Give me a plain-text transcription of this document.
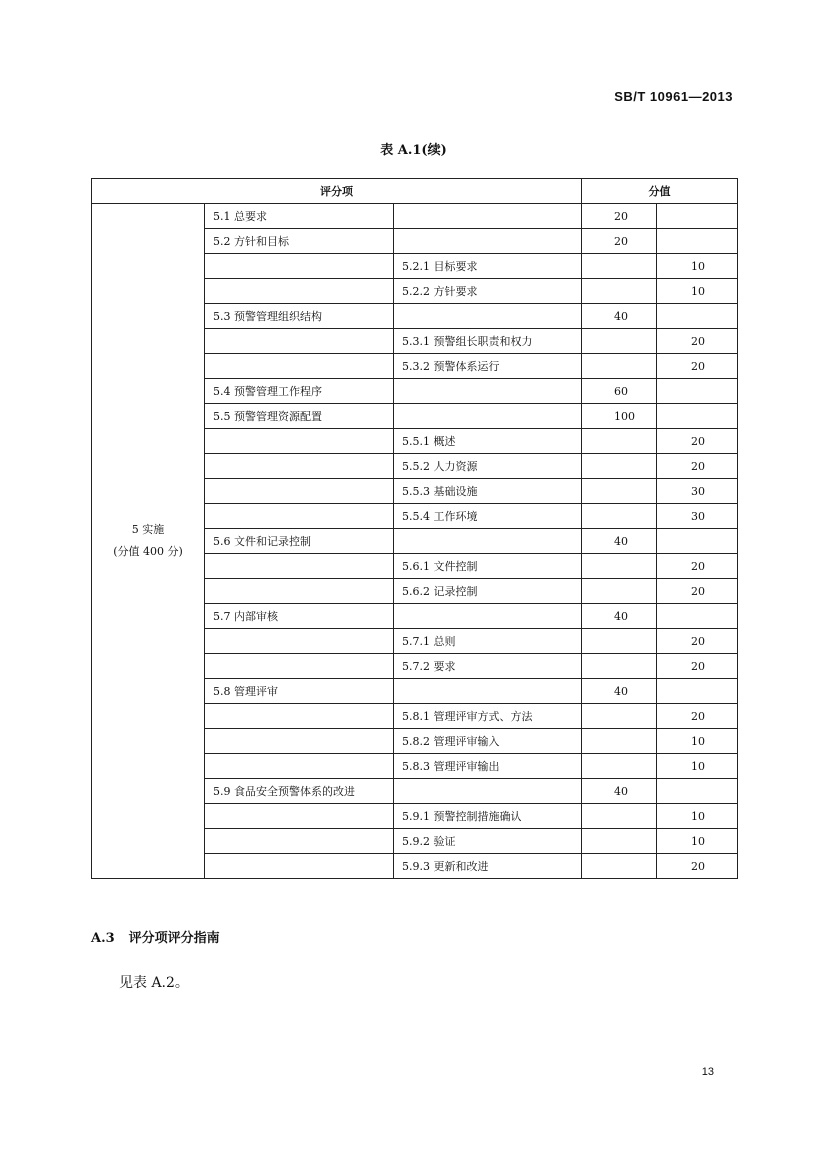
SB/T 10961—2013
表 A.1(续)
评分项			分值	

5 实施
(分值 400 分)	5.1 总要求		20	
	5.2 方针和目标		20	
		5.2.1 目标要求		10
		5.2.2 方针要求		10
	5.3 预警管理组织结构		40	
		5.3.1 预警组长职责和权力		20
		5.3.2 预警体系运行		20
	5.4 预警管理工作程序		60	
	5.5 预警管理资源配置		100	
		5.5.1 概述		20
		5.5.2 人力资源		20
		5.5.3 基础设施		30
		5.5.4 工作环境		30
	5.6 文件和记录控制		40	
		5.6.1 文件控制		20
		5.6.2 记录控制		20
	5.7 内部审核		40	
		5.7.1 总则		20
		5.7.2 要求		20
	5.8 管理评审		40	
		5.8.1 管理评审方式、方法		20
		5.8.2 管理评审输入		10
		5.8.3 管理评审输出		10
	5.9 食品安全预警体系的改进		40	
		5.9.1 预警控制措施确认		10
		5.9.2 验证		10
		5.9.3 更新和改进		20
A.3 评分项评分指南
见表 A.2。
13
